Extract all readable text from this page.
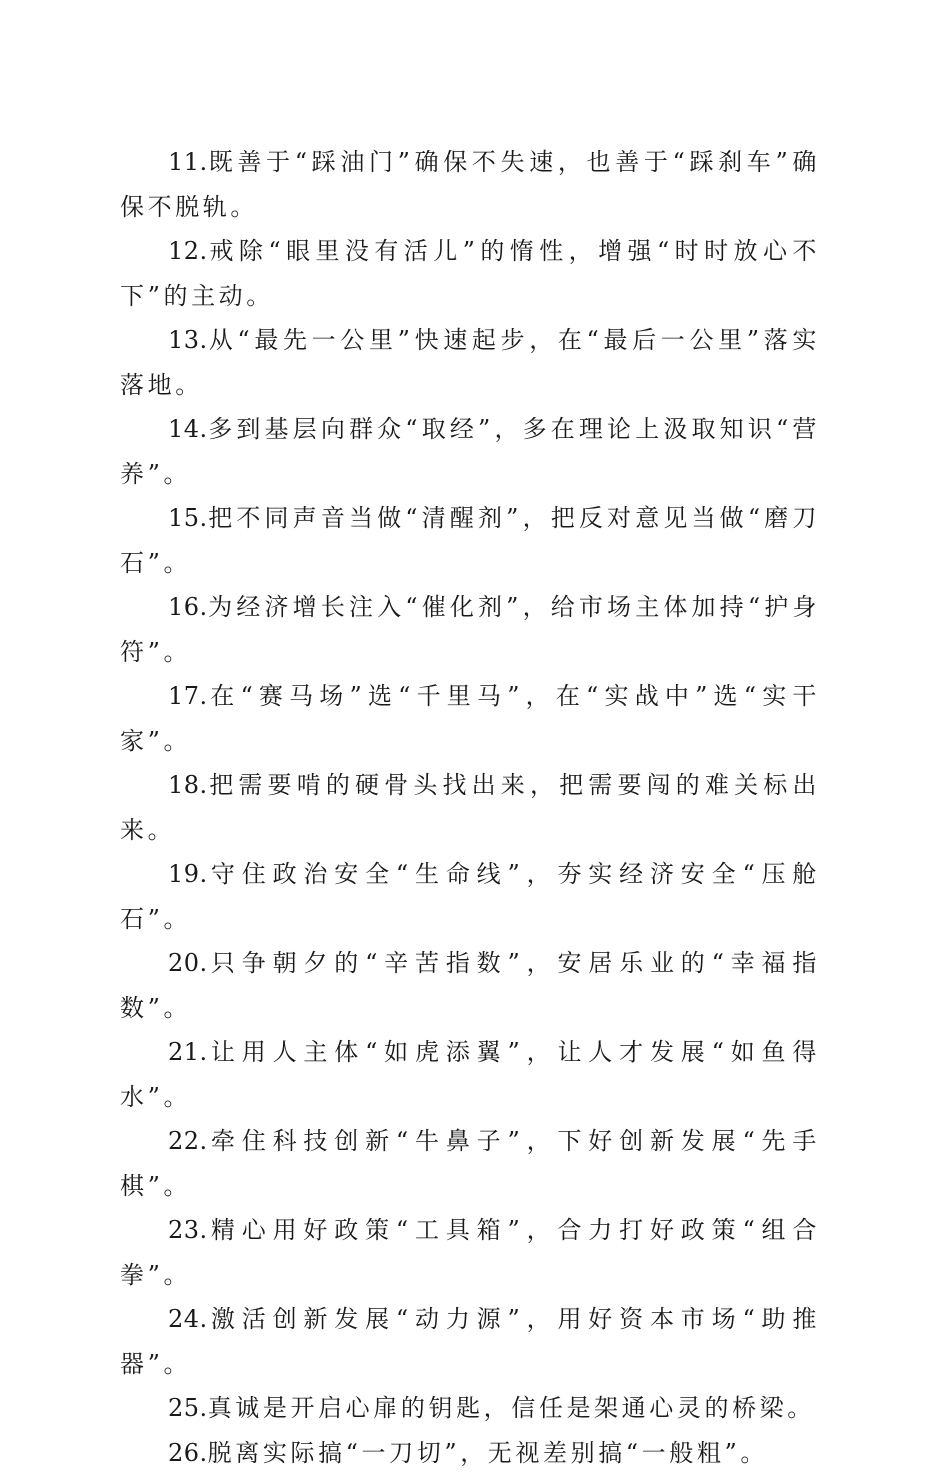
11.既善于“踩油门”确保不失速，也善于“踩刹车”确保不脱轨。

12.戒除“眼里没有活儿”的惰性，增强“时时放心不下”的主动。

13.从“最先一公里”快速起步，在“最后一公里”落实落地。

14.多到基层向群众“取经”，多在理论上汲取知识“营养”。

15.把不同声音当做“清醒剂”，把反对意见当做“磨刀石”。

16.为经济增长注入“催化剂”，给市场主体加持“护身符”。

17.在“赛马场”选“千里马”，在“实战中”选“实干家”。

18.把需要啃的硬骨头找出来，把需要闯的难关标出来。

19.守住政治安全“生命线”，夯实经济安全“压舱石”。

20.只争朝夕的“辛苦指数”，安居乐业的“幸福指数”。

21.让用人主体“如虎添翼”，让人才发展“如鱼得水”。

22.牵住科技创新“牛鼻子”，下好创新发展“先手棋”。

23.精心用好政策“工具箱”，合力打好政策“组合拳”。

24.激活创新发展“动力源”，用好资本市场“助推器”。

25.真诚是开启心扉的钥匙，信任是架通心灵的桥梁。

26.脱离实际搞“一刀切”，无视差别搞“一般粗”。
